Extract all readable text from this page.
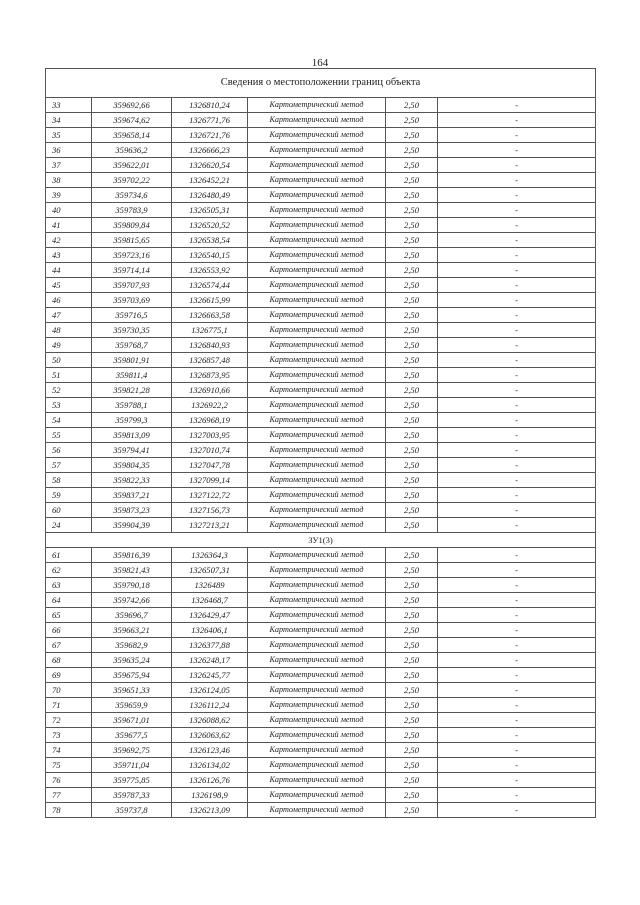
164
Сведения о местоположении границ объекта					
33	359692,66	1326810,24	Картометрический метод	2,50	-
34	359674,62	1326771,76	Картометрический метод	2,50	-
35	359658,14	1326721,76	Картометрический метод	2,50	-
36	359636,2	1326666,23	Картометрический метод	2,50	-
37	359622,01	1326620,54	Картометрический метод	2,50	-
38	359702,22	1326452,21	Картометрический метод	2,50	-
39	359734,6	1326480,49	Картометрический метод	2,50	-
40	359783,9	1326505,31	Картометрический метод	2,50	-
41	359809,84	1326520,52	Картометрический метод	2,50	-
42	359815,65	1326538,54	Картометрический метод	2,50	-
43	359723,16	1326540,15	Картометрический метод	2,50	-
44	359714,14	1326553,92	Картометрический метод	2,50	-
45	359707,93	1326574,44	Картометрический метод	2,50	-
46	359703,69	1326615,99	Картометрический метод	2,50	-
47	359716,5	1326663,58	Картометрический метод	2,50	-
48	359730,35	1326775,1	Картометрический метод	2,50	-
49	359768,7	1326840,93	Картометрический метод	2,50	-
50	359801,91	1326857,48	Картометрический метод	2,50	-
51	359811,4	1326873,95	Картометрический метод	2,50	-
52	359821,28	1326910,66	Картометрический метод	2,50	-
53	359788,1	1326922,2	Картометрический метод	2,50	-
54	359799,3	1326968,19	Картометрический метод	2,50	-
55	359813,09	1327003,95	Картометрический метод	2,50	-
56	359794,41	1327010,74	Картометрический метод	2,50	-
57	359804,35	1327047,78	Картометрический метод	2,50	-
58	359822,33	1327099,14	Картометрический метод	2,50	-
59	359837,21	1327122,72	Картометрический метод	2,50	-
60	359873,23	1327156,73	Картометрический метод	2,50	-
24	359904,39	1327213,21	Картометрический метод	2,50	-
ЗУ1(3)					
61	359816,39	1326364,3	Картометрический метод	2,50	-
62	359821,43	1326507,31	Картометрический метод	2,50	-
63	359790,18	1326489	Картометрический метод	2,50	-
64	359742,66	1326468,7	Картометрический метод	2,50	-
65	359696,7	1326429,47	Картометрический метод	2,50	-
66	359663,21	1326406,1	Картометрический метод	2,50	-
67	359682,9	1326377,88	Картометрический метод	2,50	-
68	359635,24	1326248,17	Картометрический метод	2,50	-
69	359675,94	1326245,77	Картометрический метод	2,50	-
70	359651,33	1326124,05	Картометрический метод	2,50	-
71	359659,9	1326112,24	Картометрический метод	2,50	-
72	359671,01	1326088,62	Картометрический метод	2,50	-
73	359677,5	1326063,62	Картометрический метод	2,50	-
74	359692,75	1326123,46	Картометрический метод	2,50	-
75	359711,04	1326134,02	Картометрический метод	2,50	-
76	359775,85	1326126,76	Картометрический метод	2,50	-
77	359787,33	1326198,9	Картометрический метод	2,50	-
78	359737,8	1326213,09	Картометрический метод	2,50	-
